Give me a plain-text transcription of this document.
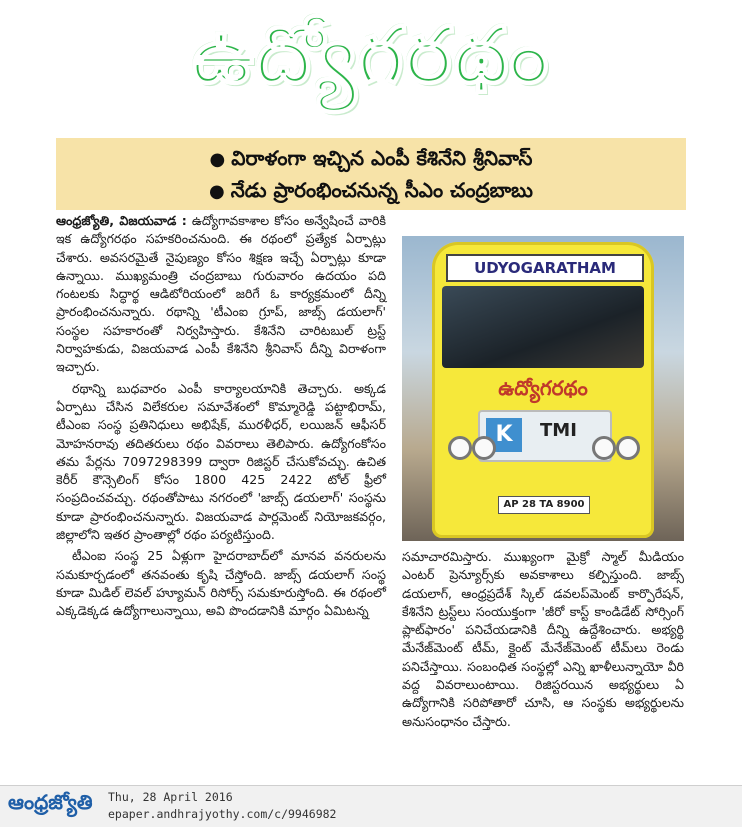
ఉద్యోగరథం
● విరాళంగా ఇచ్చిన ఎంపీ కేశినేని శ్రీనివాస్
● నేడు ప్రారంభించనున్న సీఎం చంద్రబాబు

ఆంధ్రజ్యోతి, విజయవాడ : ఉద్యోగావకాశాల కోసం అన్వేషించే వారికి ఇక ఉద్యోగరథం సహకరించనుంది. ఈ రథంలో ప్రత్యేక ఏర్పాట్లు చేశారు. అవసరమైతే నైపుణ్యం కోసం శిక్షణ ఇచ్చే ఏర్పాట్లు కూడా ఉన్నాయి. ముఖ్యమంత్రి చంద్రబాబు గురువారం ఉదయం పది గంటలకు సిద్ధార్థ ఆడిటోరియంలో జరిగే ఓ కార్యక్రమంలో దీన్ని ప్రారంభించనున్నారు. రథాన్ని 'టీఎంఐ గ్రూప్, జాబ్స్ డయలాగ్' సంస్థల సహకారంతో నిర్వహిస్తారు. కేశినేని చారిటబుల్ ట్రస్ట్ నిర్వాహకుడు, విజయవాడ ఎంపీ కేశినేని శ్రీనివాస్ దీన్ని విరాళంగా ఇచ్చారు.

రథాన్ని బుధవారం ఎంపీ కార్యాలయానికి తెచ్చారు. అక్కడ ఏర్పాటు చేసిన విలేకరుల సమావేశంలో కొమ్మారెడ్డి పట్టాభిరామ్, టీఎంఐ సంస్థ ప్రతినిధులు అభిషేక్, మురళీధర్, లయిజన్ ఆఫీసర్ మోహనరావు తదితరులు రథం వివరాలు తెలిపారు. ఉద్యోగంకోసం తమ పేర్లను 7097298399 ద్వారా రిజిస్టర్ చేసుకోవచ్చు. ఉచిత కెరీర్ కౌన్సెలింగ్ కోసం 1800 425 2422 టోల్ ఫ్రీలో సంప్రదించవచ్చు. రథంతోపాటు నగరంలో 'జాబ్స్ డయలాగ్' సంస్థను కూడా ప్రారంభించనున్నారు. విజయవాడ పార్లమెంట్ నియోజకవర్గం, జిల్లాలోని ఇతర ప్రాంతాల్లో రథం పర్యటిస్తుంది.

టీఎంఐ సంస్థ 25 ఏళ్లుగా హైదరాబాద్‌లో మానవ వనరులను సమకూర్చడంలో తనవంతు కృషి చేస్తోంది. జాబ్స్ డయలాగ్ సంస్థ కూడా మిడిల్ లెవల్ హ్యూమన్ రిసోర్స్ సమకూరుస్తోంది. ఈ రథంలో ఎక్కడెక్కడ ఉద్యోగాలున్నాయి, అవి పొందడానికి మార్గం ఏమిటన్న

UDYOGARATHAM
ఉద్యోగరథం
K	TMI
AP 28 TA 8900

సమాచారమిస్తారు. ముఖ్యంగా మైక్రో స్మాల్ మీడియం ఎంటర్ ప్రెన్యూర్స్‌కు అవకాశాలు కల్పిస్తుంది. జాబ్స్ డయలాగ్, ఆంధ్రప్రదేశ్ స్కిల్ డవలప్‌మెంట్ కార్పొరేషన్, కేశినేని ట్రస్ట్‌లు సంయుక్తంగా 'జీరో కాస్ట్ కాండిడేట్ సోర్సింగ్ ప్లాట్‌ఫారం' పనిచేయడానికి దీన్ని ఉద్దేశించారు. అభ్యర్థి మేనేజ్‌మెంట్ టీమ్, క్లైంట్ మేనేజ్‌మెంట్ టీమ్‌లు రెండు పనిచేస్తాయి. సంబంధిత సంస్థల్లో ఎన్ని ఖాళీలున్నాయో వీరి వద్ద వివరాలుంటాయి. రిజిస్టరయిన అభ్యర్థులు ఏ ఉద్యోగానికి సరిపోతారో చూసి, ఆ సంస్థకు అభ్యర్థులను అనుసంధానం చేస్తారు.

ఆంధ్రజ్యోతి Thu, 28 April 2016
epaper.andhrajyothy.com/c/9946982
